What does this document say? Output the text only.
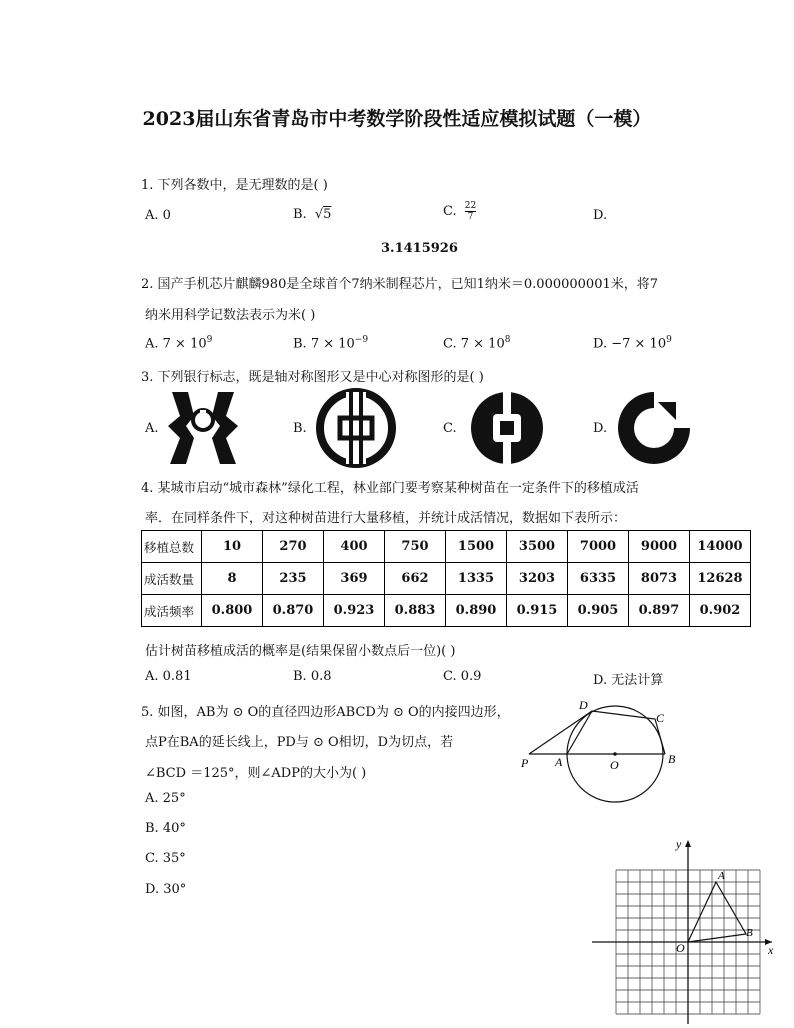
2023届山东省青岛市中考数学阶段性适应模拟试题（一模）
1. 下列各数中，是无理数的是( )
A. 0	B. √5	C. $\frac{22}{7}$	D.
3.1415926
2. 国产手机芯片麒麟980是全球首个7纳米制程芯片，已知1纳米＝0.000000001米，将7
纳米用科学记数法表示为米( )
A. $7 \times 10^9$	B. $7 \times 10^{-9}$	C. $7 \times 10^8$	D. $-7 \times 10^9$
3. 下列银行标志，既是轴对称图形又是中心对称图形的是( )
A.	B.	C.	D.
4. 某城市启动“城市森林”绿化工程，林业部门要考察某种树苗在一定条件下的移植成活
率．在同样条件下，对这种树苗进行大量移植，并统计成活情况，数据如下表所示：
移植总数	10	270	400	750	1500	3500	7000	9000	14000
成活数量	8	235	369	662	1335	3203	6335	8073	12628
成活频率	0.800	0.870	0.923	0.883	0.890	0.915	0.905	0.897	0.902
估计树苗移植成活的概率是(结果保留小数点后一位)( )
A. 0.81	B. 0.8	C. 0.9	D. 无法计算
5. 如图，AB为 ⊙ O的直径四边形ABCD为 ⊙ O的内接四边形，
点P在BA的延长线上，PD与 ⊙ O相切，D为切点，若
∠BCD ＝125°，则∠ADP的大小为( )
A. 25°
B. 40°
C. 35°
D. 30°
P A	O	B
C
D
y
x
O
A
B
